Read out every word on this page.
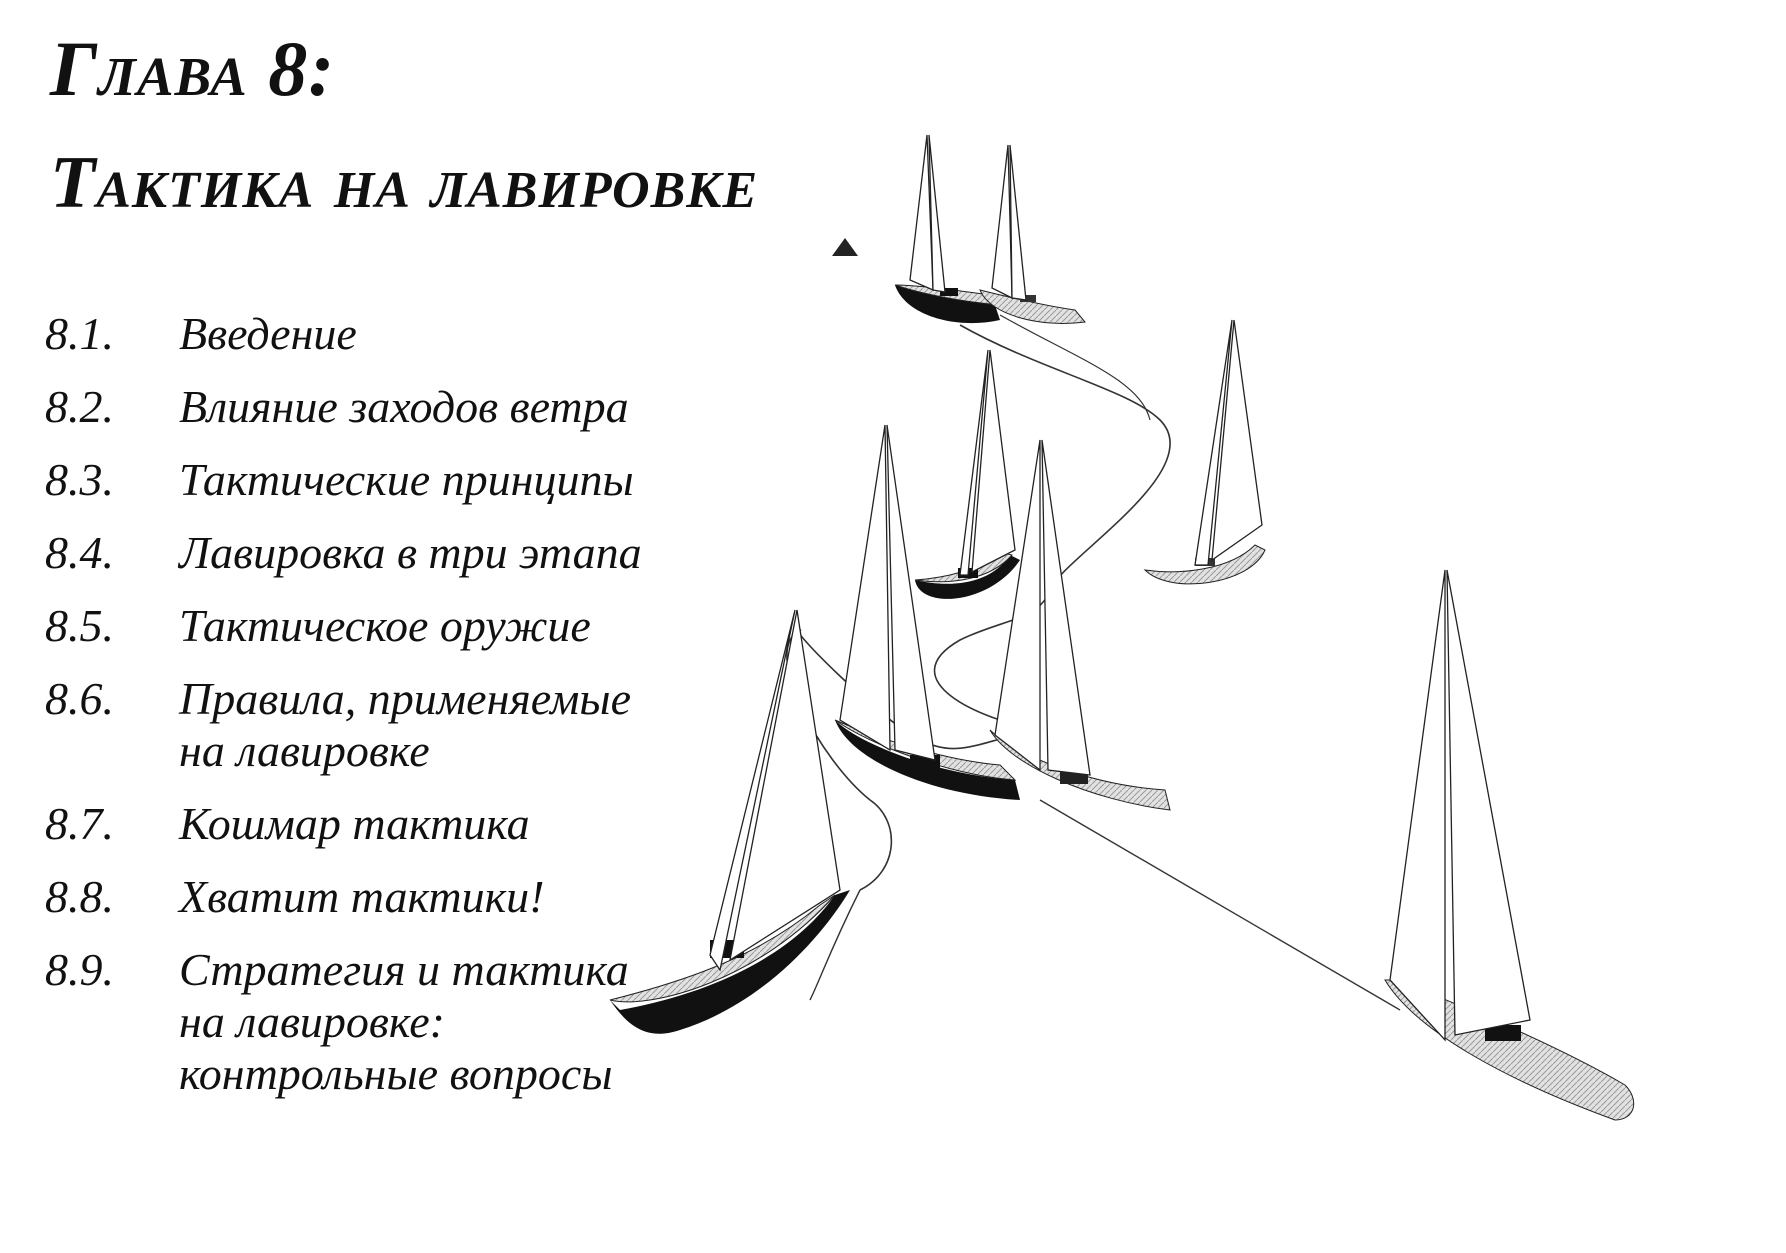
Глава 8:
Тактика на лавировке
8.1.	Введение
8.2.	Влияние заходов ветра
8.3.	Тактические принципы
8.4.	Лавировка в три этапа
8.5.	Тактическое оружие
8.6.	Правила, применяемые
на лавировке
8.7.	Кошмар тактика
8.8.	Хватит тактики!
8.9.	Стратегия и тактика
на лавировке:
контрольные вопросы
